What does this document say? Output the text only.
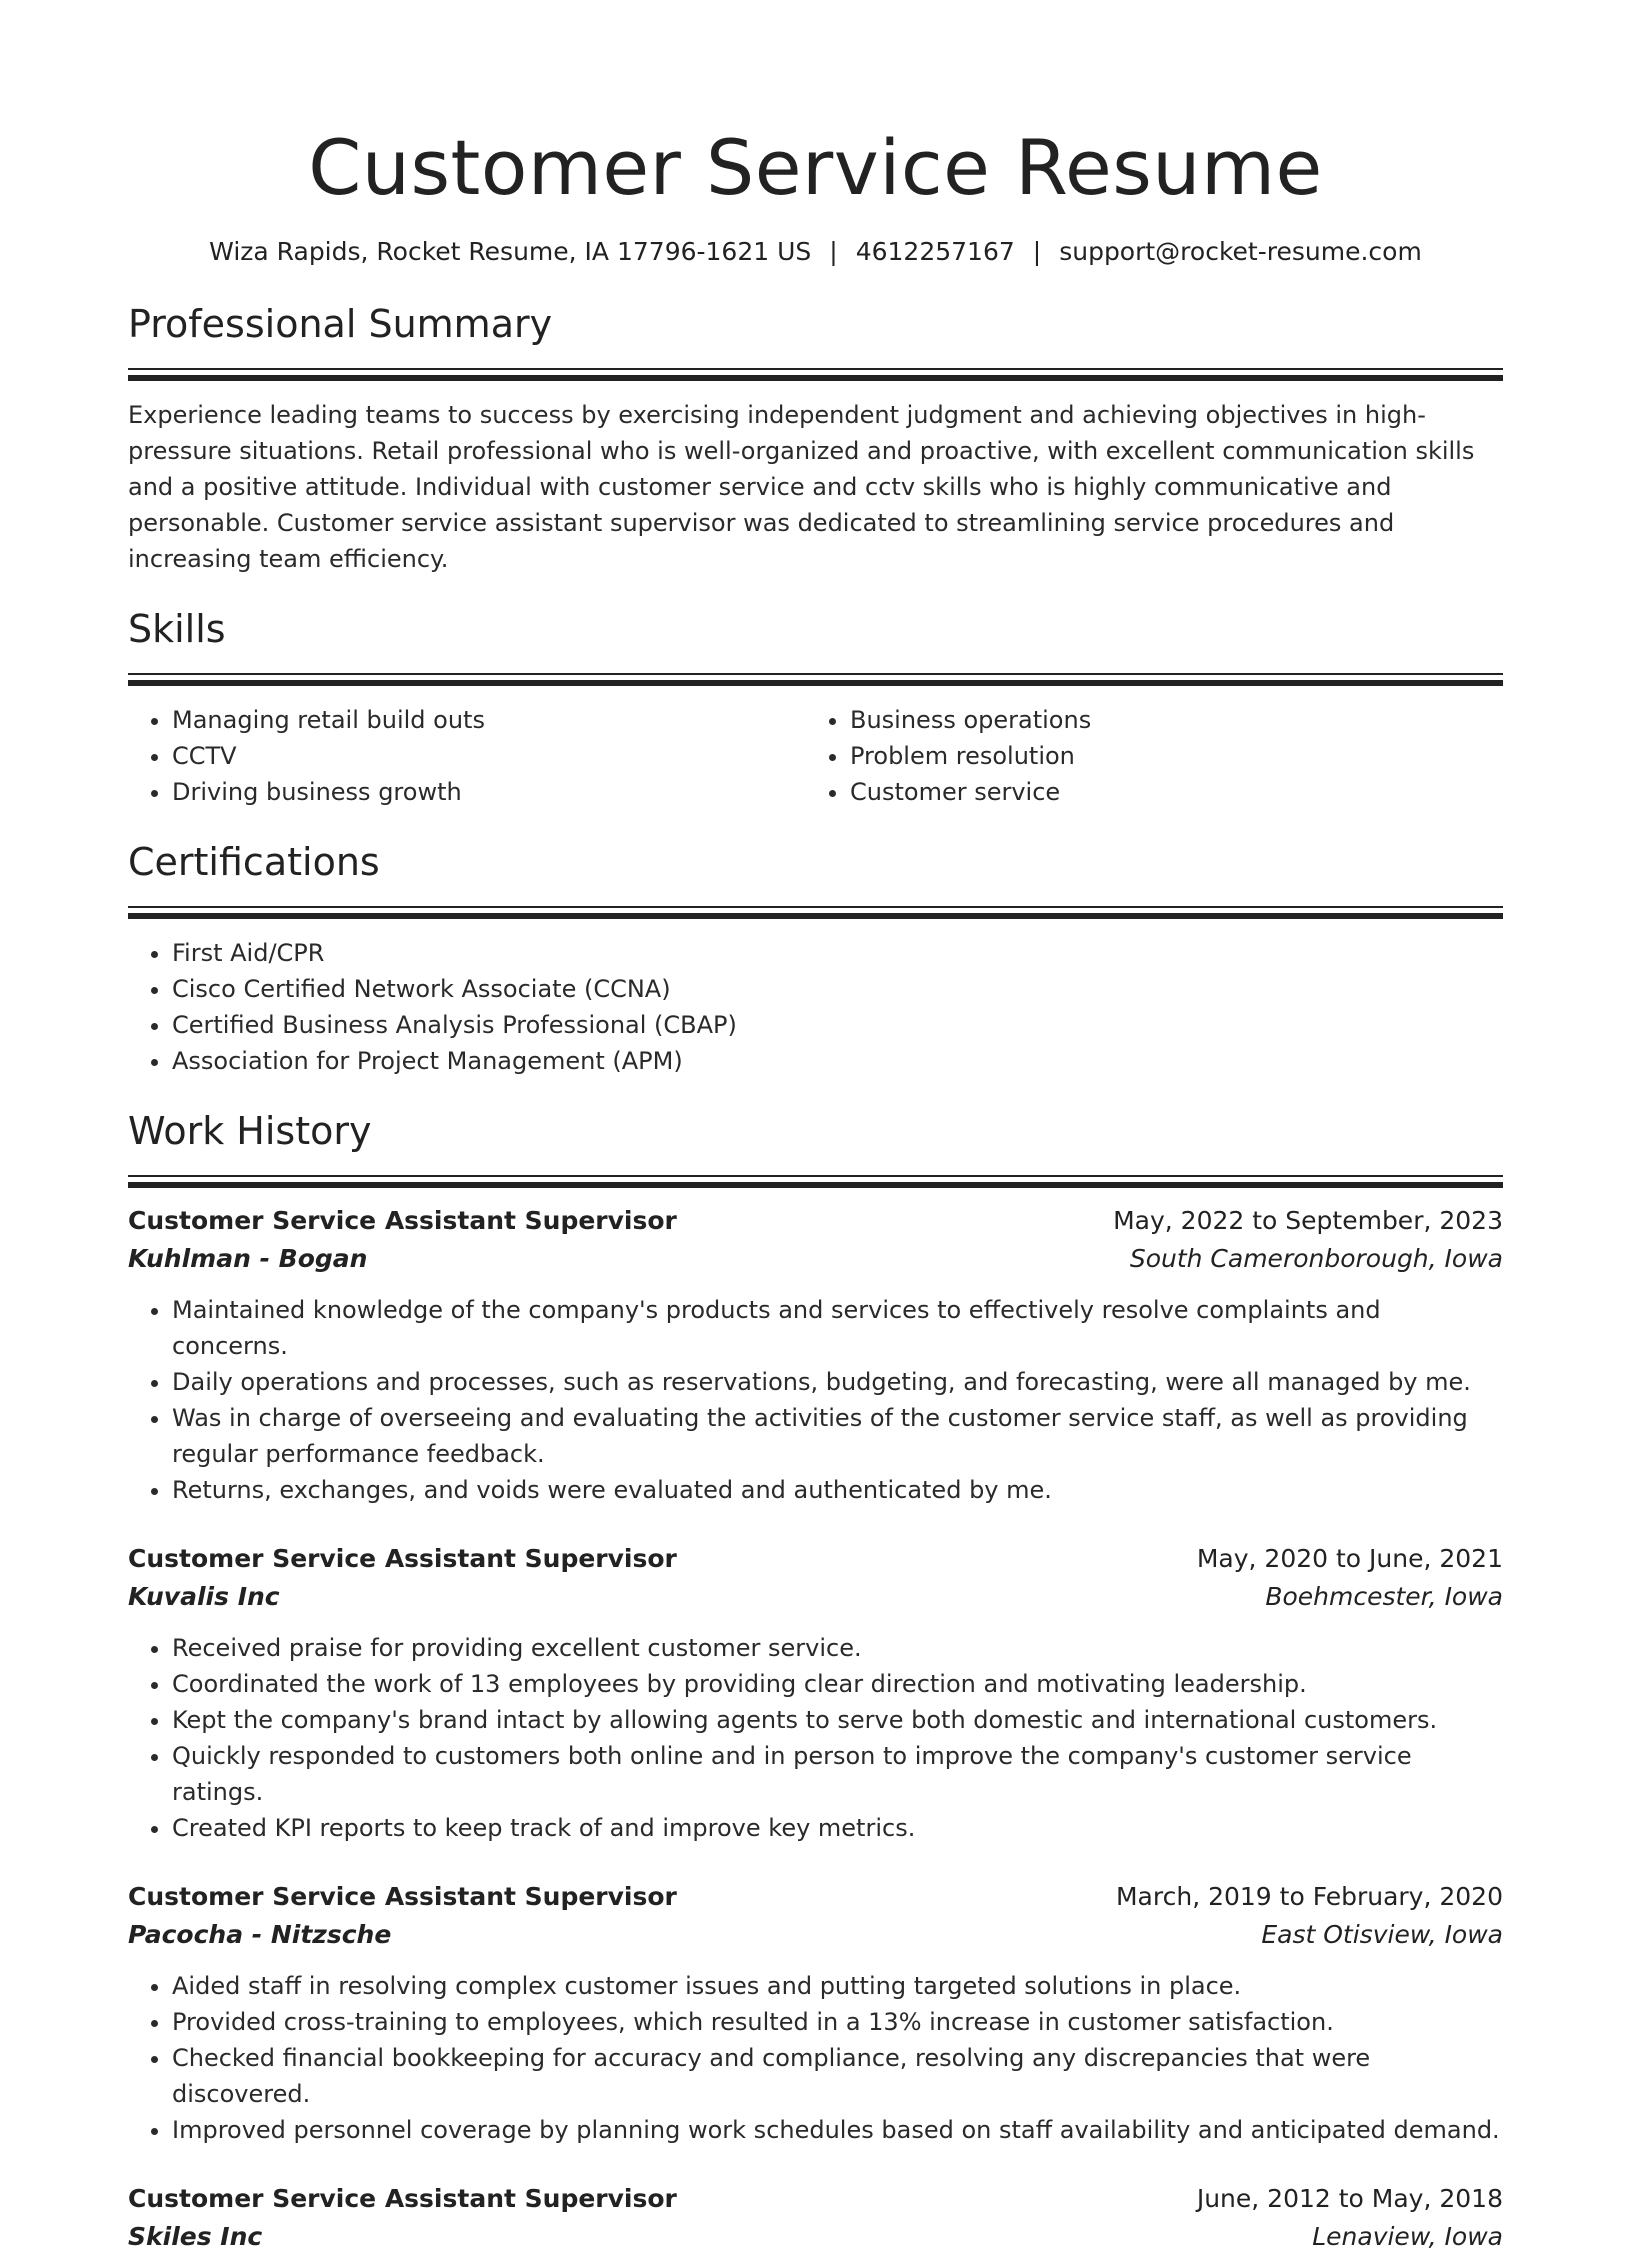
Customer Service Resume
Wiza Rapids, Rocket Resume, IA 17796-1621 US | 4612257167 | support@rocket-resume.com
Professional Summary

Experience leading teams to success by exercising independent judgment and achieving objectives in high-pressure situations. Retail professional who is well-organized and proactive, with excellent communication skills and a positive attitude. Individual with customer service and cctv skills who is highly communicative and personable. Customer service assistant supervisor was dedicated to streamlining service procedures and increasing team efficiency.

Skills
• Managing retail build outs
• CCTV
• Driving business growth
• Business operations
• Problem resolution
• Customer service
Certifications
• First Aid/CPR
• Cisco Certified Network Associate (CCNA)
• Certified Business Analysis Professional (CBAP)
• Association for Project Management (APM)
Work History
Customer Service Assistant Supervisor	May, 2022 to September, 2023
Kuhlman - Bogan	South Cameronborough, Iowa
• Maintained knowledge of the company's products and services to effectively resolve complaints and concerns.
• Daily operations and processes, such as reservations, budgeting, and forecasting, were all managed by me.
• Was in charge of overseeing and evaluating the activities of the customer service staff, as well as providing regular performance feedback.
• Returns, exchanges, and voids were evaluated and authenticated by me.
Customer Service Assistant Supervisor	May, 2020 to June, 2021
Kuvalis Inc	Boehmcester, Iowa
• Received praise for providing excellent customer service.
• Coordinated the work of 13 employees by providing clear direction and motivating leadership.
• Kept the company's brand intact by allowing agents to serve both domestic and international customers.
• Quickly responded to customers both online and in person to improve the company's customer service ratings.
• Created KPI reports to keep track of and improve key metrics.
Customer Service Assistant Supervisor	March, 2019 to February, 2020
Pacocha - Nitzsche	East Otisview, Iowa
• Aided staff in resolving complex customer issues and putting targeted solutions in place.
• Provided cross-training to employees, which resulted in a 13% increase in customer satisfaction.
• Checked financial bookkeeping for accuracy and compliance, resolving any discrepancies that were discovered.
• Improved personnel coverage by planning work schedules based on staff availability and anticipated demand.
Customer Service Assistant Supervisor	June, 2012 to May, 2018
Skiles Inc	Lenaview, Iowa
